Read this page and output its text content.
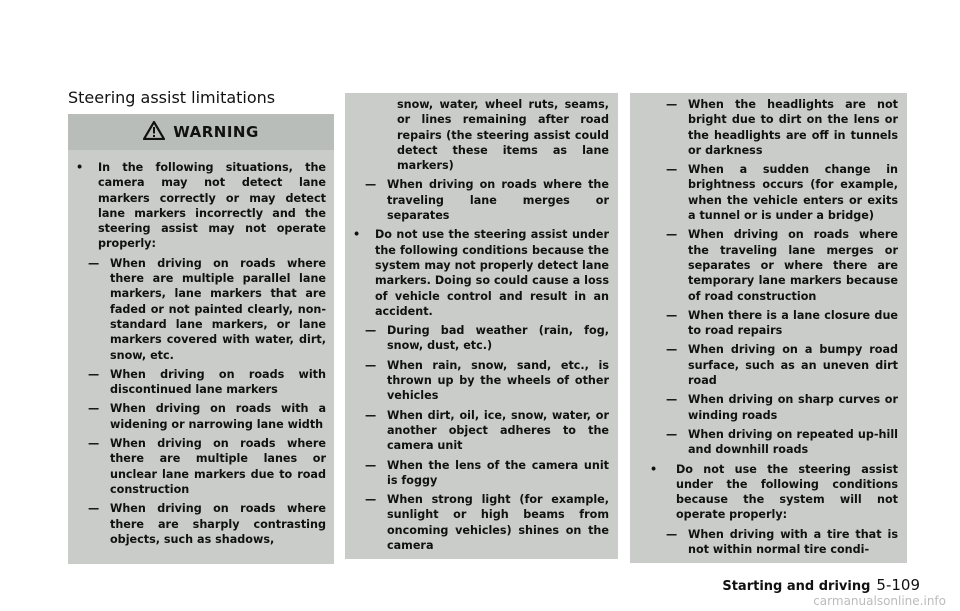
Steering assist limitations
WARNING
• In the following situations, the camera may not detect lane markers correctly or may detect lane markers incorrectly and the steering assist may not operate properly:
— When driving on roads where there are multiple parallel lane markers, lane markers that are faded or not painted clearly, non-standard lane markers, or lane markers covered with water, dirt, snow, etc.
— When driving on roads with discontinued lane markers
— When driving on roads with a widening or narrowing lane width
— When driving on roads where there are multiple lanes or unclear lane markers due to road construction
— When driving on roads where there are sharply contrasting objects, such as shadows,
snow, water, wheel ruts, seams, or lines remaining after road repairs (the steering assist could detect these items as lane markers)
— When driving on roads where the traveling lane merges or separates
• Do not use the steering assist under the following conditions because the system may not properly detect lane markers. Doing so could cause a loss of vehicle control and result in an accident.
— During bad weather (rain, fog, snow, dust, etc.)
— When rain, snow, sand, etc., is thrown up by the wheels of other vehicles
— When dirt, oil, ice, snow, water, or another object adheres to the camera unit
— When the lens of the camera unit is foggy
— When strong light (for example, sunlight or high beams from oncoming vehicles) shines on the camera
— When the headlights are not bright due to dirt on the lens or the headlights are off in tunnels or darkness
— When a sudden change in brightness occurs (for example, when the vehicle enters or exits a tunnel or is under a bridge)
— When driving on roads where the traveling lane merges or separates or where there are temporary lane markers because of road construction
— When there is a lane closure due to road repairs
— When driving on a bumpy road surface, such as an uneven dirt road
— When driving on sharp curves or winding roads
— When driving on repeated up-hill and downhill roads
• Do not use the steering assist under the following conditions because the system will not operate properly:
— When driving with a tire that is not within normal tire condi-
Starting and driving 5-109
carmanualsonline.info
